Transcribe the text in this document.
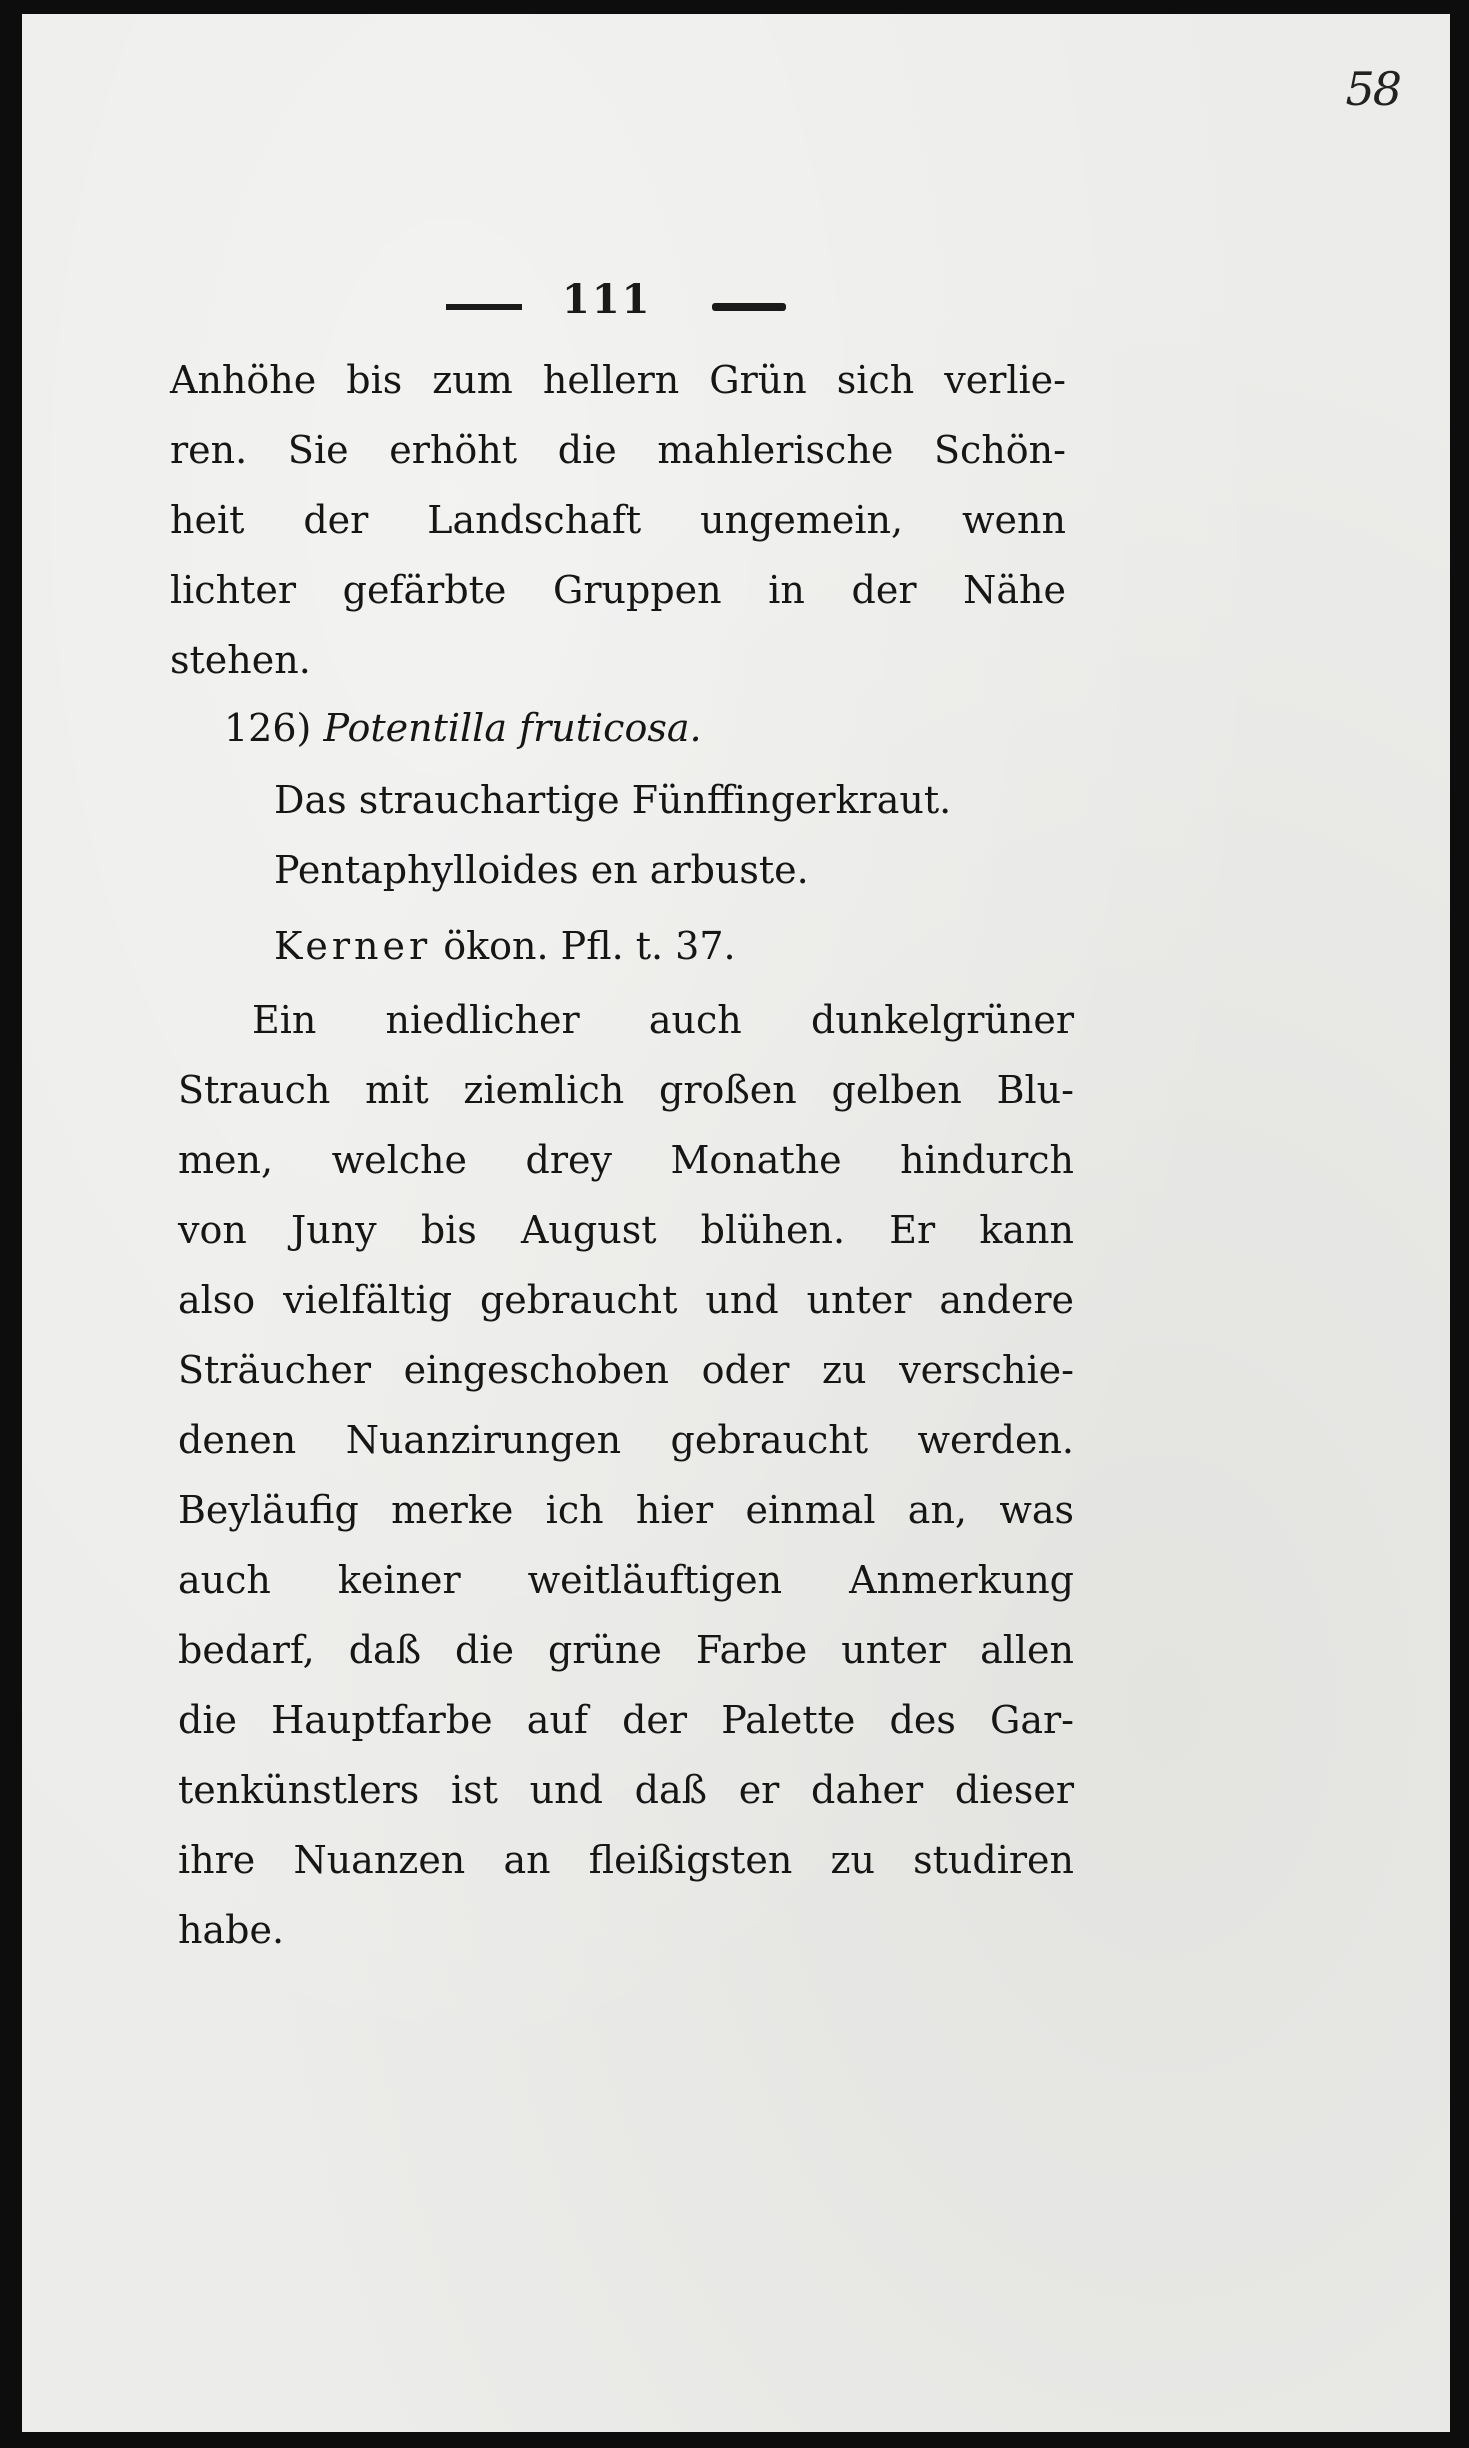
58
111
Anhöhe bis zum hellern Grün sich verlie-
ren. Sie erhöht die mahlerische Schön-
heit der Landschaft ungemein, wenn
lichter gefärbte Gruppen in der Nähe
stehen.
126) Potentilla fruticosa.
Das strauchartige Fünffingerkraut.
Pentaphylloides en arbuste.
Kerner ökon. Pfl. t. 37.
Ein niedlicher auch dunkelgrüner
Strauch mit ziemlich großen gelben Blu-
men, welche drey Monathe hindurch
von Juny bis August blühen. Er kann
also vielfältig gebraucht und unter andere
Sträucher eingeschoben oder zu verschie-
denen Nuanzirungen gebraucht werden.
Beyläufig merke ich hier einmal an, was
auch keiner weitläuftigen Anmerkung
bedarf, daß die grüne Farbe unter allen
die Hauptfarbe auf der Palette des Gar-
tenkünstlers ist und daß er daher dieser
ihre Nuanzen an fleißigsten zu studiren
habe.
